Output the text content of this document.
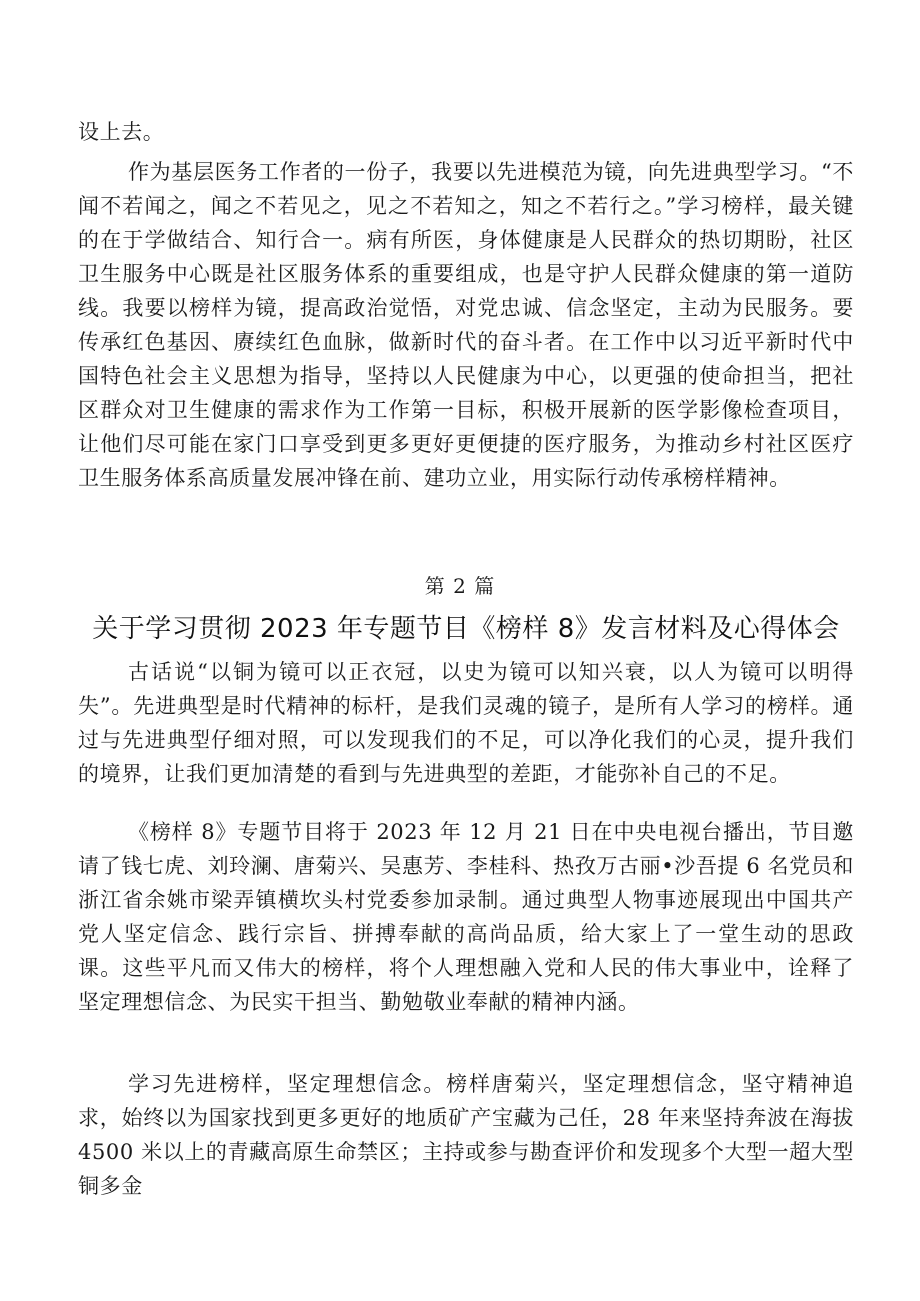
设上去。

作为基层医务工作者的一份子，我要以先进模范为镜，向先进典型学习。“不闻不若闻之，闻之不若见之，见之不若知之，知之不若行之。”学习榜样，最关键的在于学做结合、知行合一。病有所医，身体健康是人民群众的热切期盼，社区卫生服务中心既是社区服务体系的重要组成，也是守护人民群众健康的第一道防线。我要以榜样为镜，提高政治觉悟，对党忠诚、信念坚定，主动为民服务。要传承红色基因、赓续红色血脉，做新时代的奋斗者。在工作中以习近平新时代中国特色社会主义思想为指导，坚持以人民健康为中心，以更强的使命担当，把社区群众对卫生健康的需求作为工作第一目标，积极开展新的医学影像检查项目，让他们尽可能在家门口享受到更多更好更便捷的医疗服务，为推动乡村社区医疗卫生服务体系高质量发展冲锋在前、建功立业，用实际行动传承榜样精神。

第 2 篇
关于学习贯彻 2023 年专题节目《榜样 8》发言材料及心得体会

古话说“以铜为镜可以正衣冠，以史为镜可以知兴衰，以人为镜可以明得失”。先进典型是时代精神的标杆，是我们灵魂的镜子，是所有人学习的榜样。通过与先进典型仔细对照，可以发现我们的不足，可以净化我们的心灵，提升我们的境界，让我们更加清楚的看到与先进典型的差距，才能弥补自己的不足。

《榜样 8》专题节目将于 2023 年 12 月 21 日在中央电视台播出，节目邀请了钱七虎、刘玲澜、唐菊兴、吴惠芳、李桂科、热孜万古丽•沙吾提 6 名党员和浙江省余姚市梁弄镇横坎头村党委参加录制。通过典型人物事迹展现出中国共产党人坚定信念、践行宗旨、拼搏奉献的高尚品质，给大家上了一堂生动的思政课。这些平凡而又伟大的榜样，将个人理想融入党和人民的伟大事业中，诠释了坚定理想信念、为民实干担当、勤勉敬业奉献的精神内涵。

学习先进榜样，坚定理想信念。榜样唐菊兴，坚定理想信念，坚守精神追求，始终以为国家找到更多更好的地质矿产宝藏为己任，28 年来坚持奔波在海拔 4500 米以上的青藏高原生命禁区；主持或参与勘查评价和发现多个大型一超大型铜多金
